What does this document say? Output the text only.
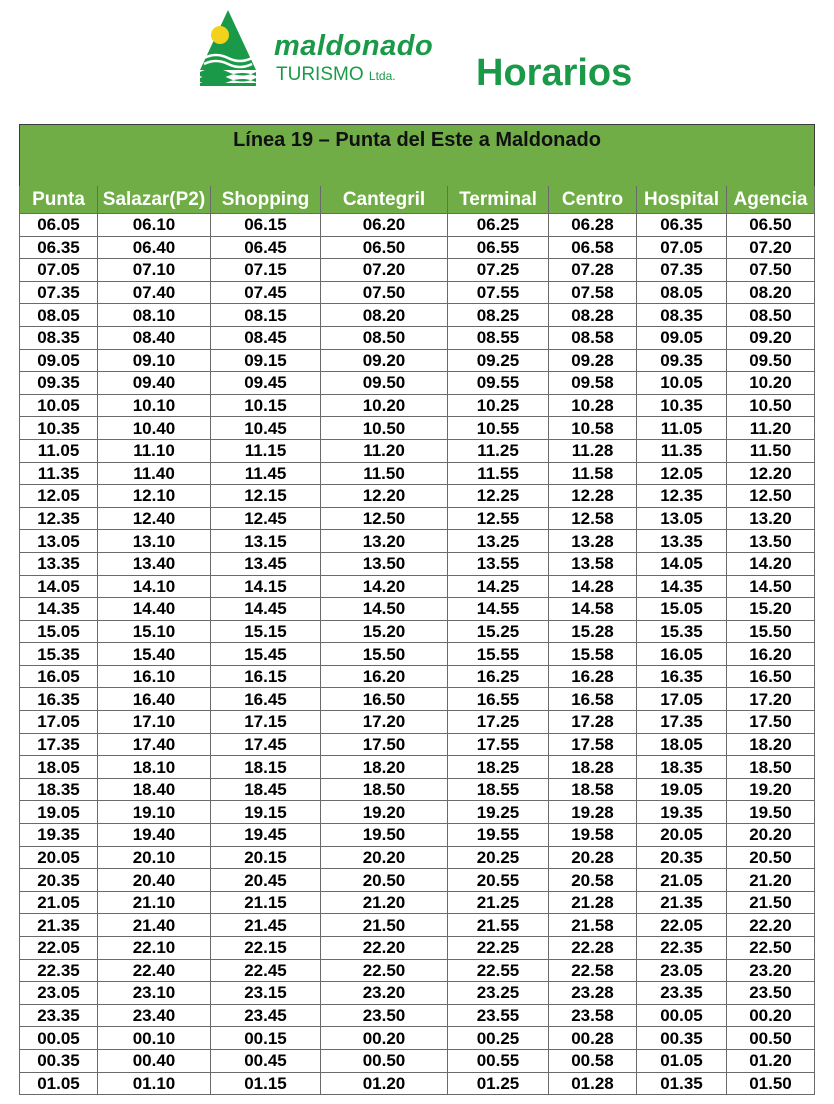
maldonado
TURISMO Ltda. Horarios
Línea 19 – Punta del Este a Maldonado							
Punta	Salazar(P2)	Shopping	Cantegril	Terminal	Centro	Hospital	Agencia
06.05	06.10	06.15	06.20	06.25	06.28	06.35	06.50
06.35	06.40	06.45	06.50	06.55	06.58	07.05	07.20
07.05	07.10	07.15	07.20	07.25	07.28	07.35	07.50
07.35	07.40	07.45	07.50	07.55	07.58	08.05	08.20
08.05	08.10	08.15	08.20	08.25	08.28	08.35	08.50
08.35	08.40	08.45	08.50	08.55	08.58	09.05	09.20
09.05	09.10	09.15	09.20	09.25	09.28	09.35	09.50
09.35	09.40	09.45	09.50	09.55	09.58	10.05	10.20
10.05	10.10	10.15	10.20	10.25	10.28	10.35	10.50
10.35	10.40	10.45	10.50	10.55	10.58	11.05	11.20
11.05	11.10	11.15	11.20	11.25	11.28	11.35	11.50
11.35	11.40	11.45	11.50	11.55	11.58	12.05	12.20
12.05	12.10	12.15	12.20	12.25	12.28	12.35	12.50
12.35	12.40	12.45	12.50	12.55	12.58	13.05	13.20
13.05	13.10	13.15	13.20	13.25	13.28	13.35	13.50
13.35	13.40	13.45	13.50	13.55	13.58	14.05	14.20
14.05	14.10	14.15	14.20	14.25	14.28	14.35	14.50
14.35	14.40	14.45	14.50	14.55	14.58	15.05	15.20
15.05	15.10	15.15	15.20	15.25	15.28	15.35	15.50
15.35	15.40	15.45	15.50	15.55	15.58	16.05	16.20
16.05	16.10	16.15	16.20	16.25	16.28	16.35	16.50
16.35	16.40	16.45	16.50	16.55	16.58	17.05	17.20
17.05	17.10	17.15	17.20	17.25	17.28	17.35	17.50
17.35	17.40	17.45	17.50	17.55	17.58	18.05	18.20
18.05	18.10	18.15	18.20	18.25	18.28	18.35	18.50
18.35	18.40	18.45	18.50	18.55	18.58	19.05	19.20
19.05	19.10	19.15	19.20	19.25	19.28	19.35	19.50
19.35	19.40	19.45	19.50	19.55	19.58	20.05	20.20
20.05	20.10	20.15	20.20	20.25	20.28	20.35	20.50
20.35	20.40	20.45	20.50	20.55	20.58	21.05	21.20
21.05	21.10	21.15	21.20	21.25	21.28	21.35	21.50
21.35	21.40	21.45	21.50	21.55	21.58	22.05	22.20
22.05	22.10	22.15	22.20	22.25	22.28	22.35	22.50
22.35	22.40	22.45	22.50	22.55	22.58	23.05	23.20
23.05	23.10	23.15	23.20	23.25	23.28	23.35	23.50
23.35	23.40	23.45	23.50	23.55	23.58	00.05	00.20
00.05	00.10	00.15	00.20	00.25	00.28	00.35	00.50
00.35	00.40	00.45	00.50	00.55	00.58	01.05	01.20
01.05	01.10	01.15	01.20	01.25	01.28	01.35	01.50
